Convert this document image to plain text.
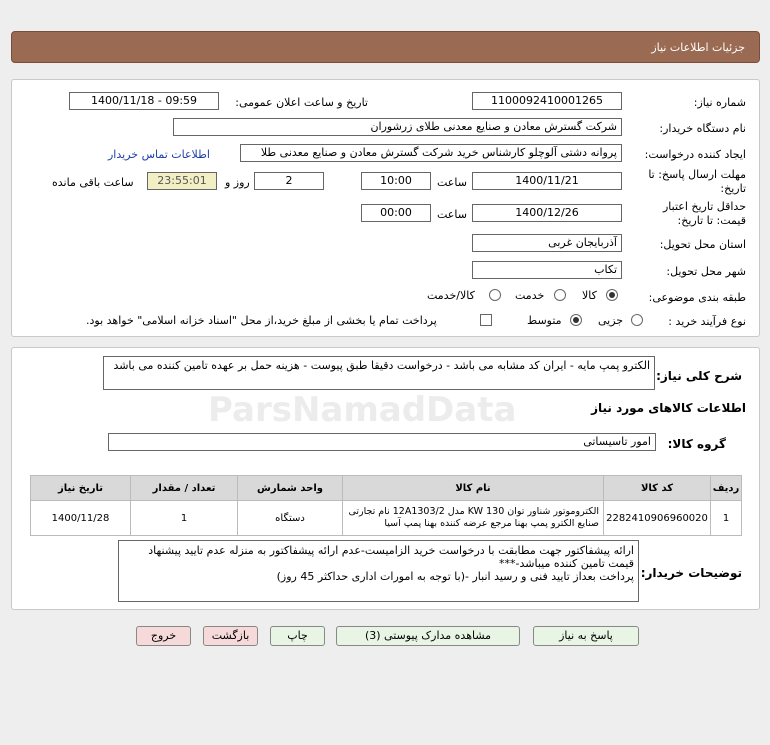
جزئیات اطلاعات نیاز
شماره نیاز:
1100092410001265
تاریخ و ساعت اعلان عمومی:
1400/11/18 - 09:59
نام دستگاه خریدار:
شرکت گسترش معادن و صنایع معدنی طلای زرشوران
ایجاد کننده درخواست:
پروانه دشتی آلوچلو کارشناس خرید شرکت گسترش معادن و صنایع معدنی طلا
اطلاعات تماس خریدار
مهلت ارسال پاسخ: تا تاریخ:
1400/11/21
ساعت
10:00
2
روز و
23:55:01
ساعت باقی مانده
حداقل تاریخ اعتبار قیمت: تا تاریخ:
1400/12/26
ساعت
00:00
استان محل تحویل:
آذربایجان غربی
شهر محل تحویل:
تکاب
طبقه بندی موضوعی:
کالا
خدمت
کالا/خدمت
نوع فرآیند خرید :
جزیی
متوسط
پرداخت تمام یا بخشی از مبلغ خرید،از محل "اسناد خزانه اسلامی" خواهد بود.
شرح کلی نیاز:
الکترو پمپ مایه - ایران کد مشابه می باشد - درخواست دقیقا طبق پیوست - هزینه حمل بر عهده تامین کننده می باشد
اطلاعات کالاهای مورد نیاز
ParsNamadData
گروه کالا:
امور تاسیساتی
ردیف	کد کالا	نام کالا	واحد شمارش	تعداد / مقدار	تاریخ نیاز
1	2282410906960020	الکتروموتور شناور توان 130 KW مدل 12A1303/2 نام تجارتی صنایع الکترو پمپ بهنا مرجع عرضه کننده بهنا پمپ آسیا	دستگاه	1	1400/11/28
توضیحات خریدار:
ارائه پیشفاکتور جهت مطابقت با درخواست خرید الزامیست-عدم ارائه پیشفاکتور به منزله عدم تایید پیشنهاد قیمت تامین کننده میباشد-***
پرداخت بعداز تایید فنی و رسید انبار -(با توجه به امورات اداری حداکثر 45 روز)
پاسخ به نیاز
مشاهده مدارک پیوستی (3)
چاپ
بازگشت
خروج
